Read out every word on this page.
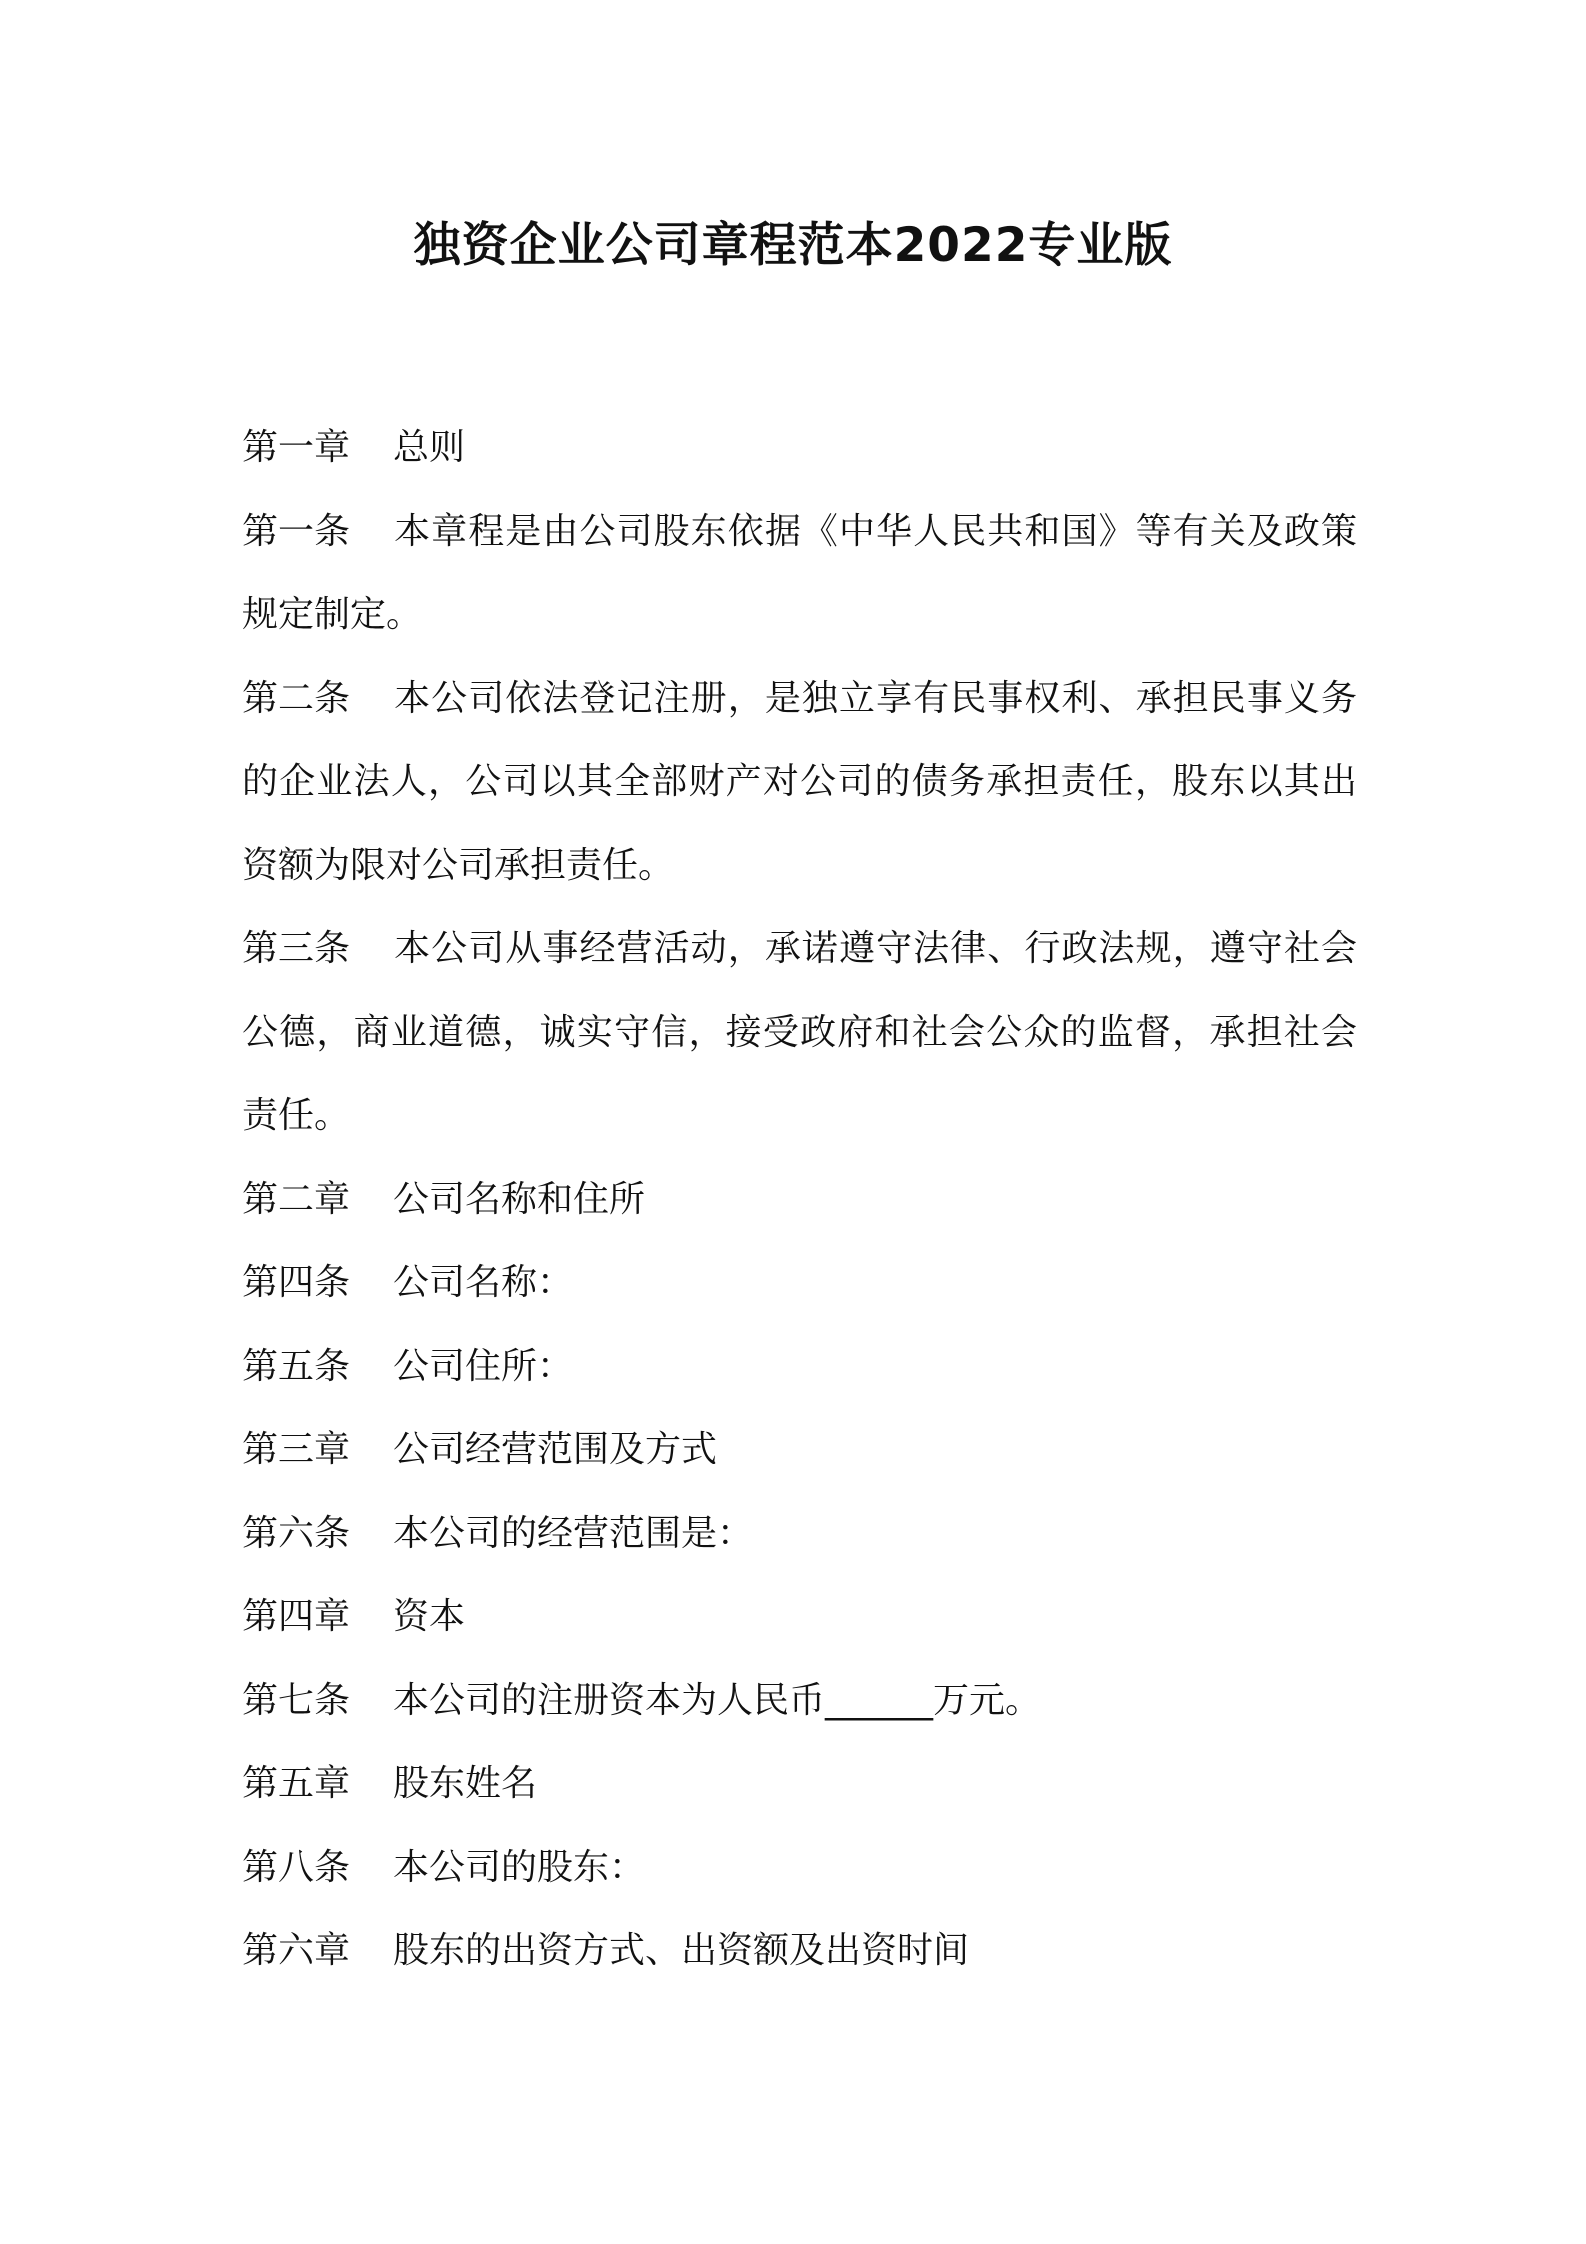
独资企业公司章程范本2022专业版

第一章 总则

第一条 本章程是由公司股东依据《中华人民共和国》等有关及政策规定制定。

第二条 本公司依法登记注册，是独立享有民事权利、承担民事义务的企业法人，公司以其全部财产对公司的债务承担责任，股东以其出资额为限对公司承担责任。

第三条 本公司从事经营活动，承诺遵守法律、行政法规，遵守社会公德，商业道德，诚实守信，接受政府和社会公众的监督，承担社会责任。

第二章 公司名称和住所

第四条 公司名称：

第五条 公司住所：

第三章 公司经营范围及方式

第六条 本公司的经营范围是：

第四章 资本

第七条 本公司的注册资本为人民币______万元。

第五章 股东姓名

第八条 本公司的股东：

第六章 股东的出资方式、出资额及出资时间
